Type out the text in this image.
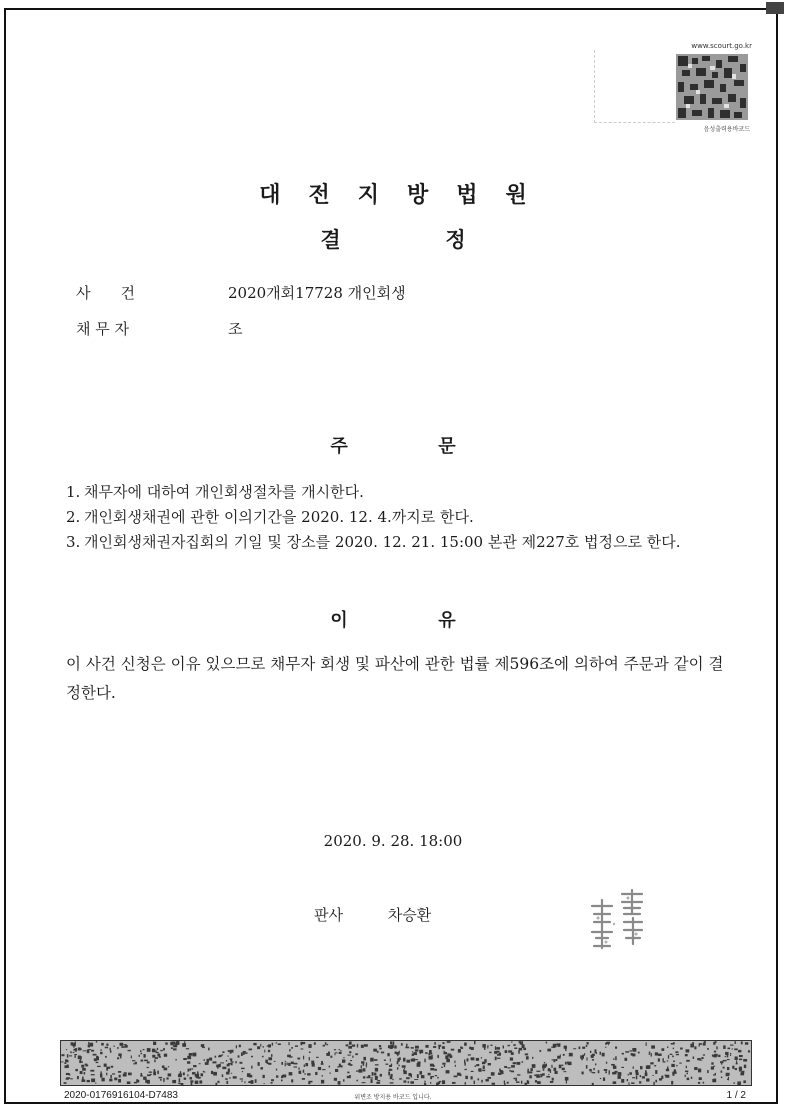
www.scourt.go.kr
음성출력용바코드
대전지방법원
결	정
사　　건	2020개회17728 개인회생
채 무 자	조
주	문
1. 채무자에 대하여 개인회생절차를 개시한다.
2. 개인회생채권에 관한 이의기간을 2020. 12. 4.까지로 한다.
3. 개인회생채권자집회의 기일 및 장소를 2020. 12. 21. 15:00 본관 제227호 법정으로 한다.
이	유
이 사건 신청은 이유 있으므로 채무자 회생 및 파산에 관한 법률 제596조에 의하여 주문과 같이 결정한다.
2020. 9. 28. 18:00
판사	차승환
2020-0176916104-D7483	위변조 방지용 바코드 입니다.	1 / 2
